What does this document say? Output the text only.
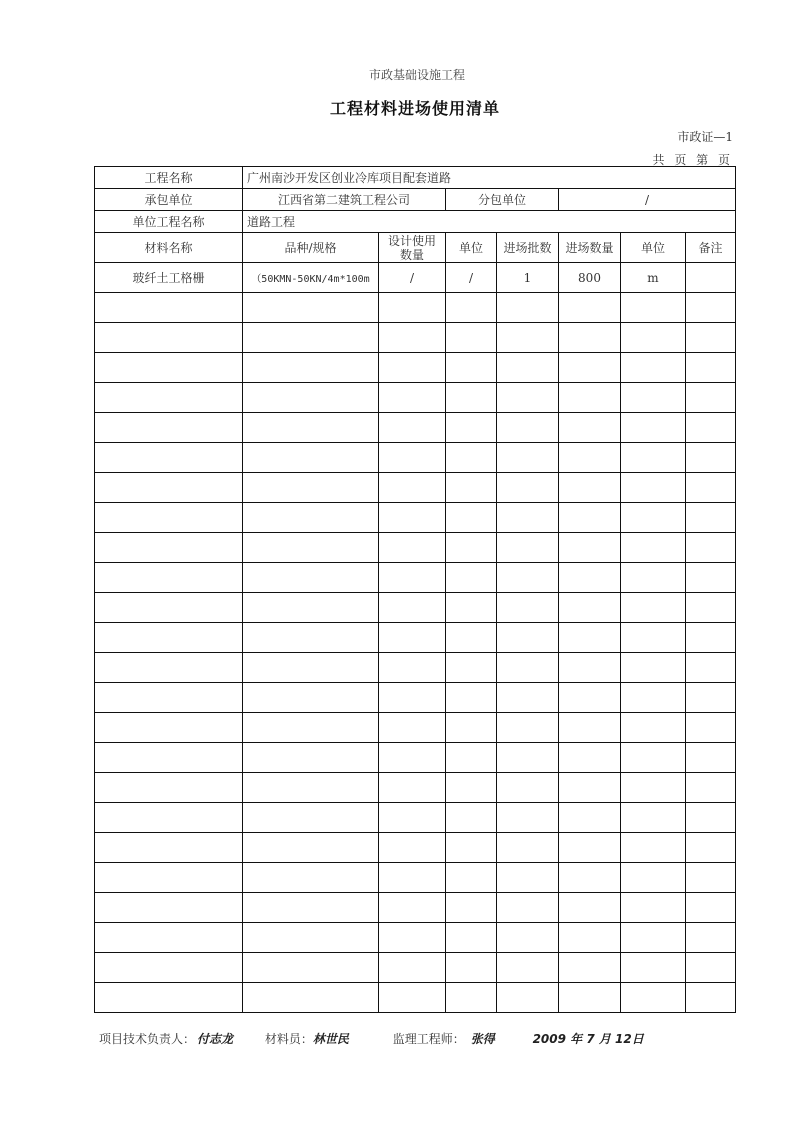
市政基础设施工程
工程材料进场使用清单
市政证—1
共 页 第 页
工程名称	广州南沙开发区创业冷库项目配套道路						
承包单位	江西省第二建筑工程公司		分包单位		/		
单位工程名称	道路工程						
材料名称	品种/规格	设计使用数量	单位	进场批数	进场数量	单位	备注
玻纤土工格栅	（50KMN-50KN/4m*100m	/	/	1	800	m	

项目技术负责人： 付志龙	材料员：林世民	监理工程师： 张得	2009 年 7 月 12日
